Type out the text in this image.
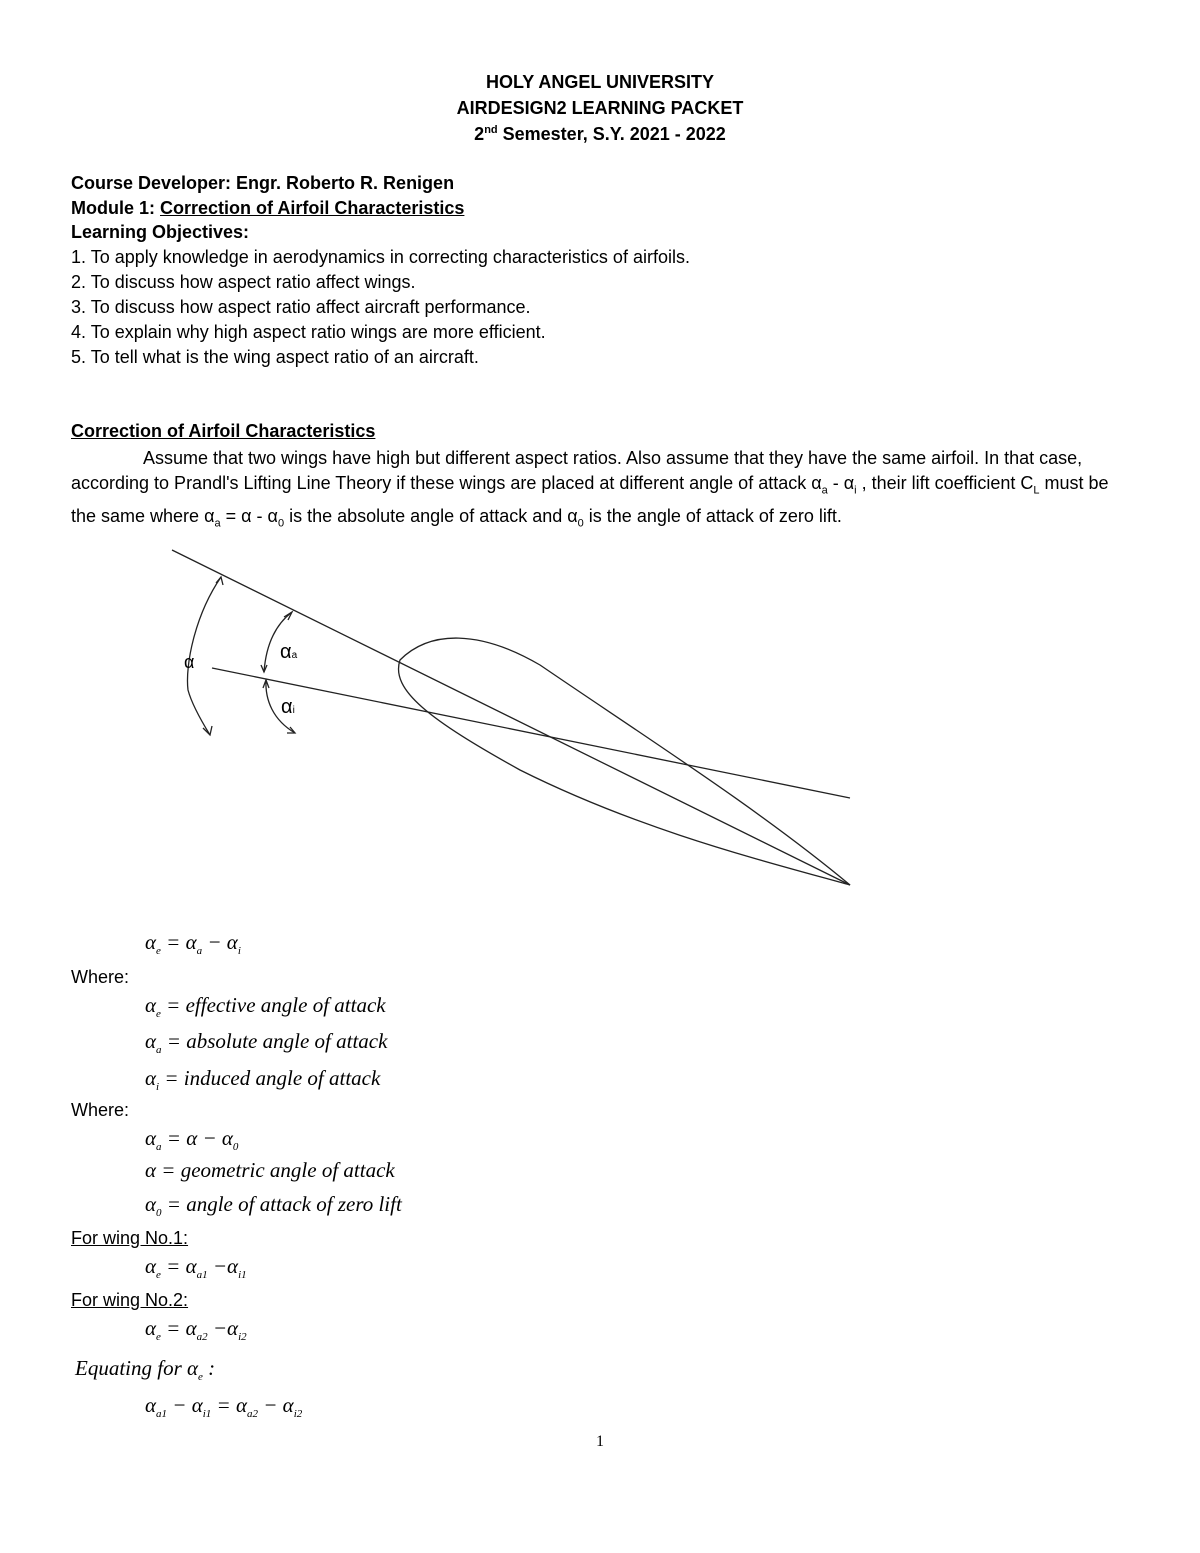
HOLY ANGEL UNIVERSITY
AIRDESIGN2 LEARNING PACKET
2nd Semester, S.Y. 2021 - 2022
Course Developer: Engr. Roberto R. Renigen
Module 1: Correction of Airfoil Characteristics
Learning Objectives:
1. To apply knowledge in aerodynamics in correcting characteristics of airfoils.
2. To discuss how aspect ratio affect wings.
3. To discuss how aspect ratio affect aircraft performance.
4. To explain why high aspect ratio wings are more efficient.
5. To tell what is the wing aspect ratio of an aircraft.
Correction of Airfoil Characteristics
Assume that two wings have high but different aspect ratios. Also assume that they have the same airfoil. In that case, according to Prandl's Lifting Line Theory if these wings are placed at different angle of attack $\alpha_a - \alpha_i$ , their lift coefficient $C_L$ must be the same where $\alpha_a = \alpha - \alpha_0$ is the absolute angle of attack and $\alpha_0$ is the angle of attack of zero lift.
α	αa
αi
$\alpha_e = \alpha_a - \alpha_i$
Where:
$\alpha_e$ = effective angle of attack
$\alpha_a$ = absolute angle of attack
$\alpha_i$ = induced angle of attack
Where:
$\alpha_a = \alpha - \alpha_0$
α = geometric angle of attack
$\alpha_0$ = angle of attack of zero lift
For wing No.1:
$\alpha_e = \alpha_{a1} -\alpha_{i1}$
For wing No.2:
$\alpha_e = \alpha_{a2} -\alpha_{i2}$
Equating for $\alpha_e$ :
$\alpha_{a1} - \alpha_{i1} = \alpha_{a2} - \alpha_{i2}$
1
